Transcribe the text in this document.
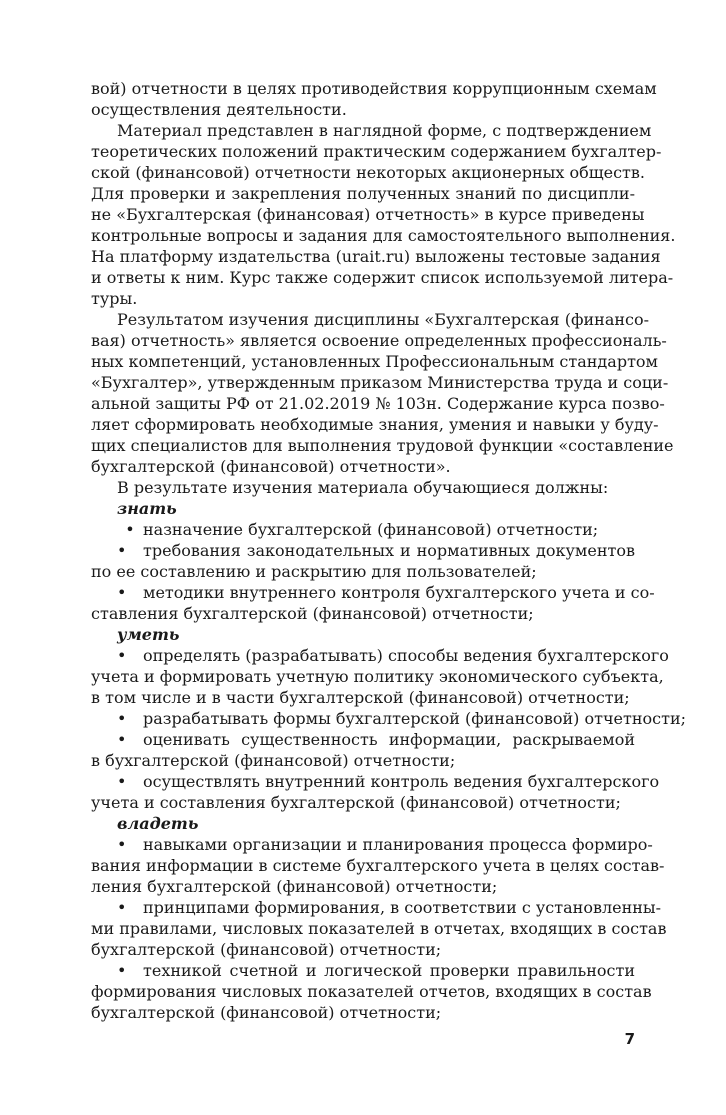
вой) отчетности в целях противодействия коррупционным схемам
осуществления деятельности.
Материал представлен в наглядной форме, с подтверждением
теоретических положений практическим содержанием бухгалтер-
ской (финансовой) отчетности некоторых акционерных обществ.
Для проверки и закрепления полученных знаний по дисципли-
не «Бухгалтерская (финансовая) отчетность» в курсе приведены
контрольные вопросы и задания для самостоятельного выполнения.
На платформу издательства (urait.ru) выложены тестовые задания
и ответы к ним. Курс также содержит список используемой литера-
туры.
Результатом изучения дисциплины «Бухгалтерская (финансо-
вая) отчетность» является освоение определенных профессиональ-
ных компетенций, установленных Профессиональным стандартом
«Бухгалтер», утвержденным приказом Министерства труда и соци-
альной защиты РФ от 21.02.2019 № 103н. Содержание курса позво-
ляет сформировать необходимые знания, умения и навыки у буду-
щих специалистов для выполнения трудовой функции «составление
бухгалтерской (финансовой) отчетности».
В результате изучения материала обучающиеся должны:
знать
• назначение бухгалтерской (финансовой) отчетности;
• требования законодательных и нормативных документов
по ее составлению и раскрытию для пользователей;
• методики внутреннего контроля бухгалтерского учета и со-
ставления бухгалтерской (финансовой) отчетности;
уметь
• определять (разрабатывать) способы ведения бухгалтерского
учета и формировать учетную политику экономического субъекта,
в том числе и в части бухгалтерской (финансовой) отчетности;
• разрабатывать формы бухгалтерской (финансовой) отчетности;
• оценивать существенность информации, раскрываемой
в бухгалтерской (финансовой) отчетности;
• осуществлять внутренний контроль ведения бухгалтерского
учета и составления бухгалтерской (финансовой) отчетности;
владеть
• навыками организации и планирования процесса формиро-
вания информации в системе бухгалтерского учета в целях состав-
ления бухгалтерской (финансовой) отчетности;
• принципами формирования, в соответствии с установленны-
ми правилами, числовых показателей в отчетах, входящих в состав
бухгалтерской (финансовой) отчетности;
• техникой счетной и логической проверки правильности
формирования числовых показателей отчетов, входящих в состав
бухгалтерской (финансовой) отчетности;
7
